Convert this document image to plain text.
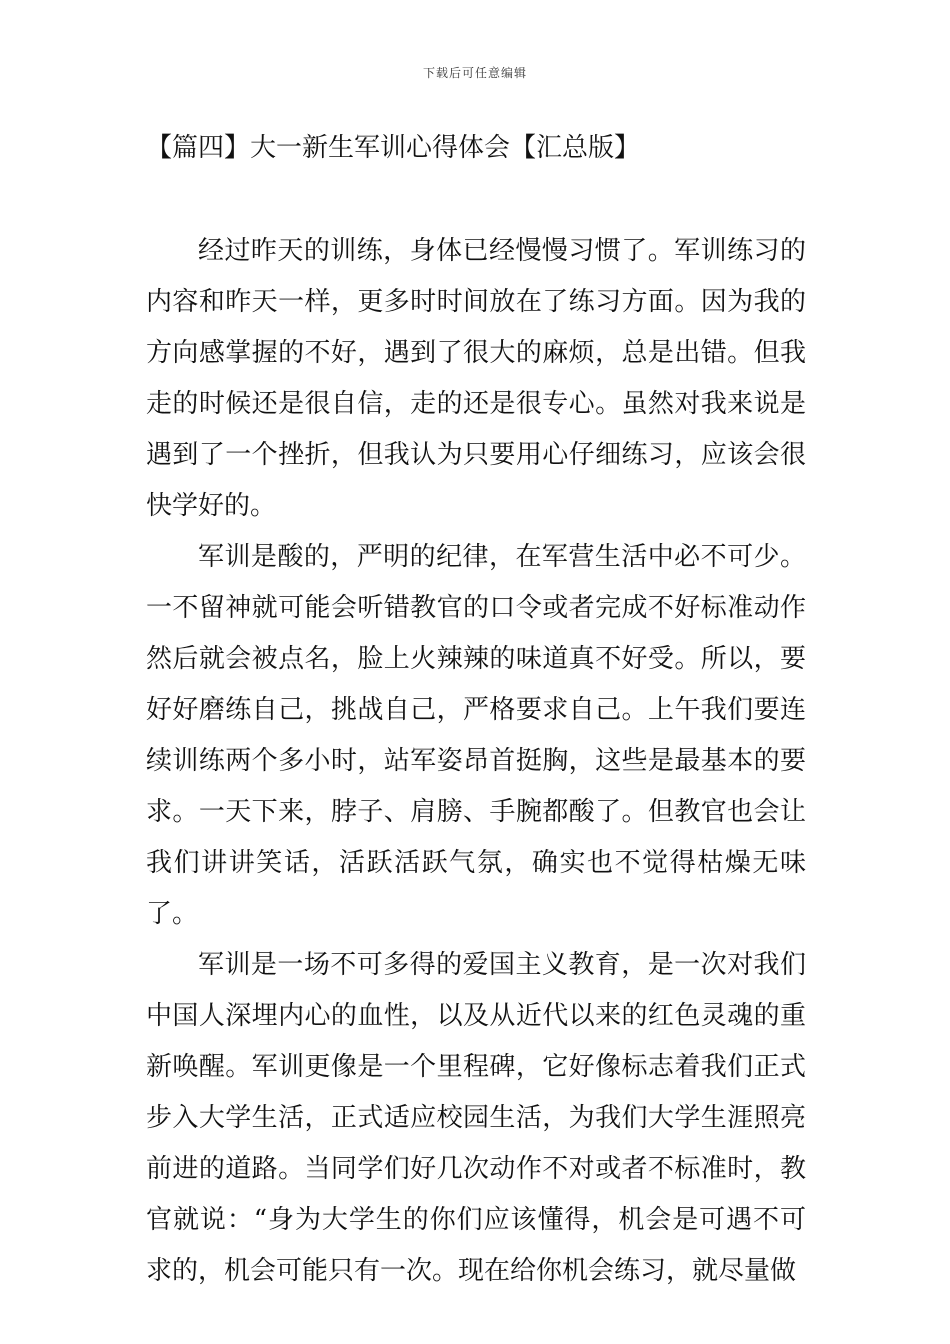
下载后可任意编辑
【篇四】大一新生军训心得体会【汇总版】

经过昨天的训练，身体已经慢慢习惯了。军训练习的内容和昨天一样，更多时时间放在了练习方面。因为我的方向感掌握的不好，遇到了很大的麻烦，总是出错。但我走的时候还是很自信，走的还是很专心。虽然对我来说是遇到了一个挫折，但我认为只要用心仔细练习，应该会很快学好的。

军训是酸的，严明的纪律，在军营生活中必不可少。一不留神就可能会听错教官的口令或者完成不好标准动作然后就会被点名，脸上火辣辣的味道真不好受。所以，要好好磨练自己，挑战自己，严格要求自己。上午我们要连续训练两个多小时，站军姿昂首挺胸，这些是最基本的要求。一天下来，脖子、肩膀、手腕都酸了。但教官也会让我们讲讲笑话，活跃活跃气氛，确实也不觉得枯燥无味了。

军训是一场不可多得的爱国主义教育，是一次对我们中国人深埋内心的血性，以及从近代以来的红色灵魂的重新唤醒。军训更像是一个里程碑，它好像标志着我们正式步入大学生活，正式适应校园生活，为我们大学生涯照亮前进的道路。当同学们好几次动作不对或者不标准时，教官就说：“身为大学生的你们应该懂得，机会是可遇不可求的，机会可能只有一次。现在给你机会练习，就尽量做
